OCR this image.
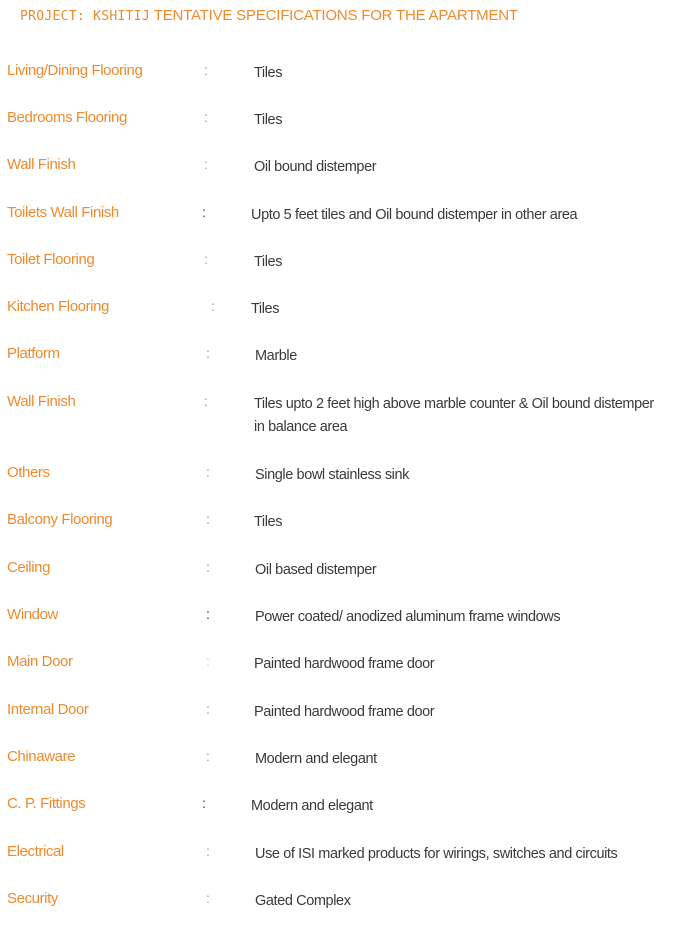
PROJECT: KSHITIJ TENTATIVE SPECIFICATIONS FOR THE APARTMENT
Living/Dining Flooring	:	Tiles
Bedrooms Flooring	:	Tiles
Wall Finish	:	Oil bound distemper
Toilets Wall Finish	:	Upto 5 feet tiles and Oil bound distemper in other area
Toilet Flooring	:	Tiles
Kitchen Flooring	: Tiles
Platform	:	Marble
Wall Finish	:	Tiles upto 2 feet high above marble counter & Oil bound distemper
in balance area
Others	:	Single bowl stainless sink
Balcony Flooring	:	Tiles
Ceiling	:	Oil based distemper
Window	:	Power coated/ anodized aluminum frame windows
Main Door	:	Painted hardwood frame door
Internal Door	:	Painted hardwood frame door
Chinaware	:	Modern and elegant
C. P. Fittings	:	Modern and elegant
Electrical	:	Use of ISI marked products for wirings, switches and circuits
Security	:	Gated Complex
